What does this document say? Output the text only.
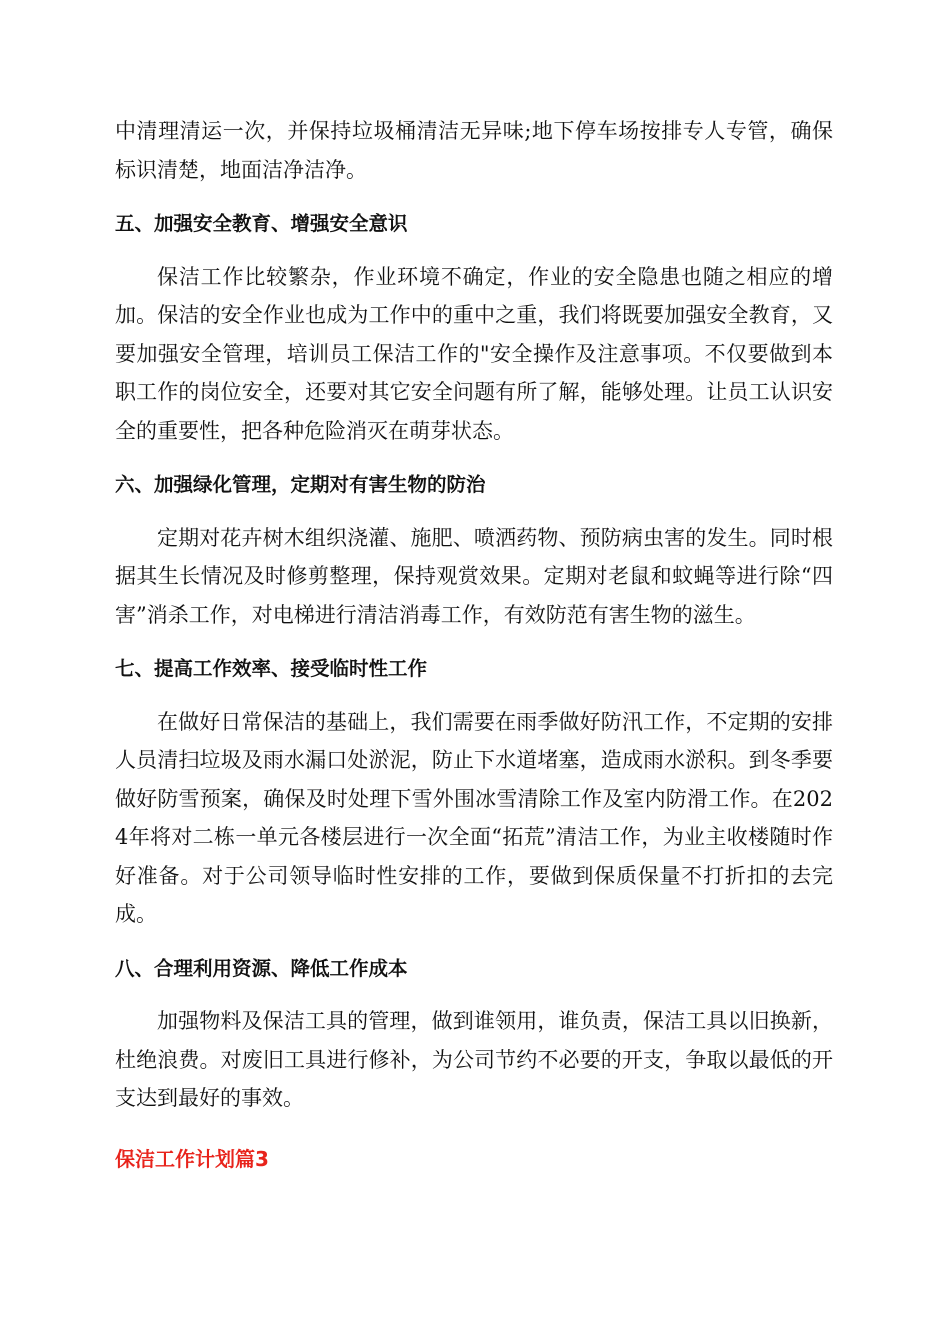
中清理清运一次，并保持垃圾桶清洁无异味;地下停车场按排专人专管，确保标识清楚，地面洁净洁净。

五、加强安全教育、增强安全意识

保洁工作比较繁杂，作业环境不确定，作业的安全隐患也随之相应的增加。保洁的安全作业也成为工作中的重中之重，我们将既要加强安全教育，又要加强安全管理，培训员工保洁工作的"安全操作及注意事项。不仅要做到本职工作的岗位安全，还要对其它安全问题有所了解，能够处理。让员工认识安全的重要性，把各种危险消灭在萌芽状态。

六、加强绿化管理，定期对有害生物的防治

定期对花卉树木组织浇灌、施肥、喷洒药物、预防病虫害的发生。同时根据其生长情况及时修剪整理，保持观赏效果。定期对老鼠和蚊蝇等进行除“四害”消杀工作，对电梯进行清洁消毒工作，有效防范有害生物的滋生。

七、提高工作效率、接受临时性工作

在做好日常保洁的基础上，我们需要在雨季做好防汛工作，不定期的安排人员清扫垃圾及雨水漏口处淤泥，防止下水道堵塞，造成雨水淤积。到冬季要做好防雪预案，确保及时处理下雪外围冰雪清除工作及室内防滑工作。在2024年将对二栋一单元各楼层进行一次全面“拓荒”清洁工作，为业主收楼随时作好准备。对于公司领导临时性安排的工作，要做到保质保量不打折扣的去完成。

八、合理利用资源、降低工作成本

加强物料及保洁工具的管理，做到谁领用，谁负责，保洁工具以旧换新，杜绝浪费。对废旧工具进行修补，为公司节约不必要的开支，争取以最低的开支达到最好的事效。

保洁工作计划篇3
